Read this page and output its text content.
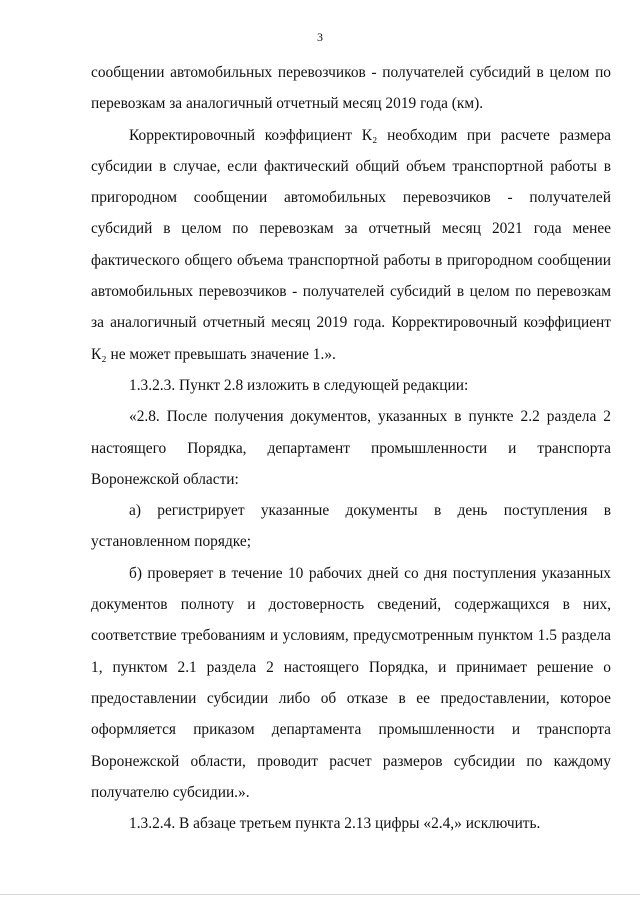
3

сообщении автомобильных перевозчиков - получателей субсидий в целом по перевозкам за аналогичный отчетный месяц 2019 года (км).

Корректировочный коэффициент К₂ необходим при расчете размера субсидии в случае, если фактический общий объем транспортной работы в пригородном сообщении автомобильных перевозчиков - получателей субсидий в целом по перевозкам за отчетный месяц 2021 года менее фактического общего объема транспортной работы в пригородном сообщении автомобильных перевозчиков - получателей субсидий в целом по перевозкам за аналогичный отчетный месяц 2019 года. Корректировочный коэффициент К₂ не может превышать значение 1.».

1.3.2.3. Пункт 2.8 изложить в следующей редакции:

«2.8. После получения документов, указанных в пункте 2.2 раздела 2 настоящего Порядка, департамент промышленности и транспорта Воронежской области:

а) регистрирует указанные документы в день поступления в установленном порядке;

б) проверяет в течение 10 рабочих дней со дня поступления указанных документов полноту и достоверность сведений, содержащихся в них, соответствие требованиям и условиям, предусмотренным пунктом 1.5 раздела 1, пунктом 2.1 раздела 2 настоящего Порядка, и принимает решение о предоставлении субсидии либо об отказе в ее предоставлении, которое оформляется приказом департамента промышленности и транспорта Воронежской области, проводит расчет размеров субсидии по каждому получателю субсидии.».

1.3.2.4. В абзаце третьем пункта 2.13 цифры «2.4,» исключить.
